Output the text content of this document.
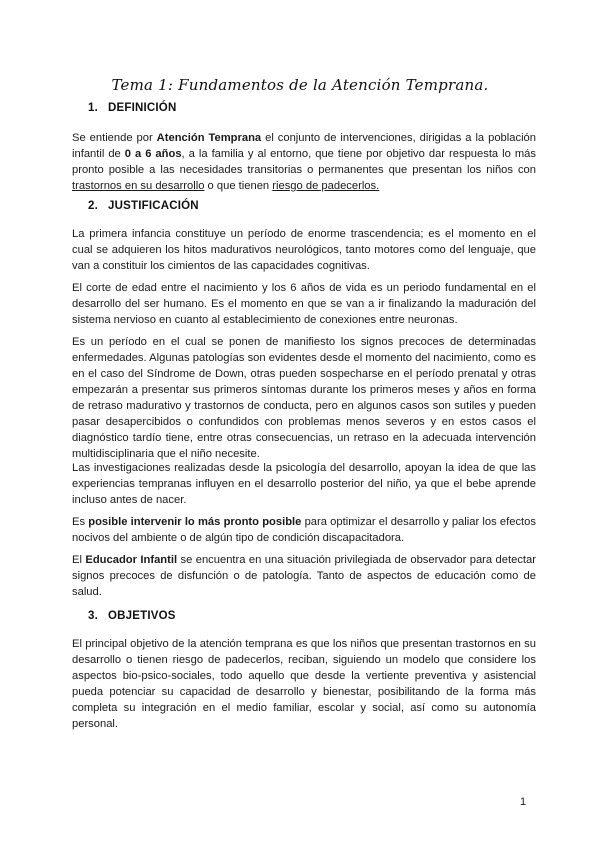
Tema 1: Fundamentos de la Atención Temprana.
1. DEFINICIÓN
Se entiende por Atención Temprana el conjunto de intervenciones, dirigidas a la población infantil de 0 a 6 años, a la familia y al entorno, que tiene por objetivo dar respuesta lo más pronto posible a las necesidades transitorias o permanentes que presentan los niños con trastornos en su desarrollo o que tienen riesgo de padecerlos.
2. JUSTIFICACIÓN
La primera infancia constituye un período de enorme trascendencia; es el momento en el cual se adquieren los hitos madurativos neurológicos, tanto motores como del lenguaje, que van a constituir los cimientos de las capacidades cognitivas.
El corte de edad entre el nacimiento y los 6 años de vida es un periodo fundamental en el desarrollo del ser humano. Es el momento en que se van a ir finalizando la maduración del sistema nervioso en cuanto al establecimiento de conexiones entre neuronas.
Es un período en el cual se ponen de manifiesto los signos precoces de determinadas enfermedades. Algunas patologías son evidentes desde el momento del nacimiento, como es en el caso del Síndrome de Down, otras pueden sospecharse en el período prenatal y otras empezarán a presentar sus primeros síntomas durante los primeros meses y años en forma de retraso madurativo y trastornos de conducta, pero en algunos casos son sutiles y pueden pasar desapercibidos o confundidos con problemas menos severos y en estos casos el diagnóstico tardío tiene, entre otras consecuencias, un retraso en la adecuada intervención multidisciplinaria que el niño necesite.
Las investigaciones realizadas desde la psicología del desarrollo, apoyan la idea de que las experiencias tempranas influyen en el desarrollo posterior del niño, ya que el bebe aprende incluso antes de nacer.
Es posible intervenir lo más pronto posible para optimizar el desarrollo y paliar los efectos nocivos del ambiente o de algún tipo de condición discapacitadora.
El Educador Infantil se encuentra en una situación privilegiada de observador para detectar signos precoces de disfunción o de patología. Tanto de aspectos de educación como de salud.
3. OBJETIVOS
El principal objetivo de la atención temprana es que los niños que presentan trastornos en su desarrollo o tienen riesgo de padecerlos, reciban, siguiendo un modelo que considere los aspectos bio-psico-sociales, todo aquello que desde la vertiente preventiva y asistencial pueda potenciar su capacidad de desarrollo y bienestar, posibilitando de la forma más completa su integración en el medio familiar, escolar y social, así como su autonomía personal.
1
